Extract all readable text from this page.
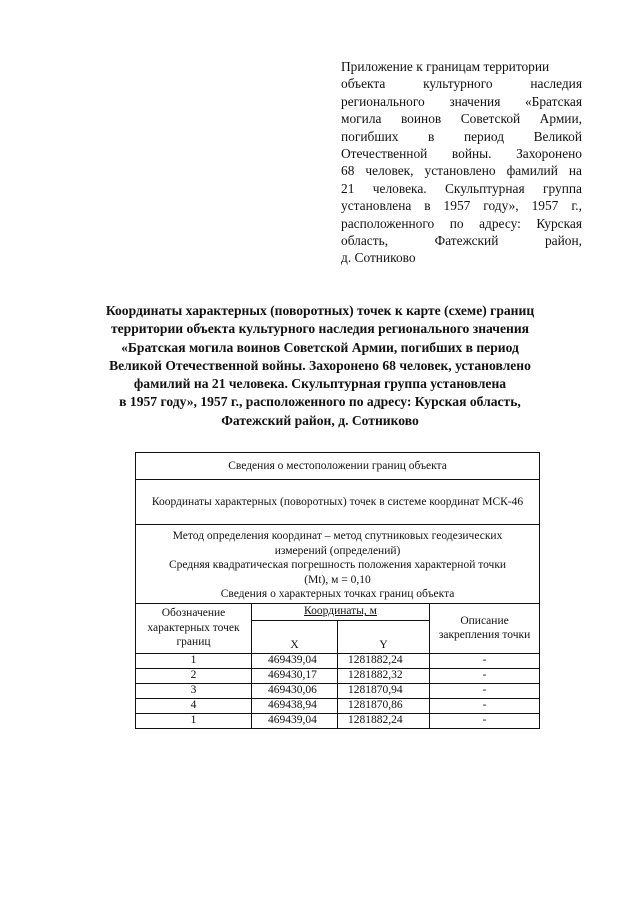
Приложение к границам территории
объекта культурного наследия
регионального значения «Братская
могила воинов Советской Армии,
погибших в период Великой
Отечественной войны. Захоронено
68 человек, установлено фамилий на
21 человека. Скульптурная группа
установлена в 1957 году», 1957 г.,
расположенного по адресу: Курская
область, Фатежский район,
д. Сотниково
Координаты характерных (поворотных) точек к карте (схеме) границ
территории объекта культурного наследия регионального значения
«Братская могила воинов Советской Армии, погибших в период
Великой Отечественной войны. Захоронено 68 человек, установлено
фамилий на 21 человека. Скульптурная группа установлена
в 1957 году», 1957 г., расположенного по адресу: Курская область,
Фатежский район, д. Сотниково
Сведения о местоположении границ объекта			
Координаты характерных (поворотных) точек в системе координат МСК-46			

Метод определения координат – метод спутниковых геодезических
измерений (определений)
Средняя квадратическая погрешность положения характерной точки
(Mt), м = 0,10
Сведения о характерных точках границ объекта			

Обозначение характерных точек границ	Координаты, м		Описание закрепления точки
	X	Y	
1	469439,04	1281882,24	-
2	469430,17	1281882,32	-
3	469430,06	1281870,94	-
4	469438,94	1281870,86	-
1	469439,04	1281882,24	-
